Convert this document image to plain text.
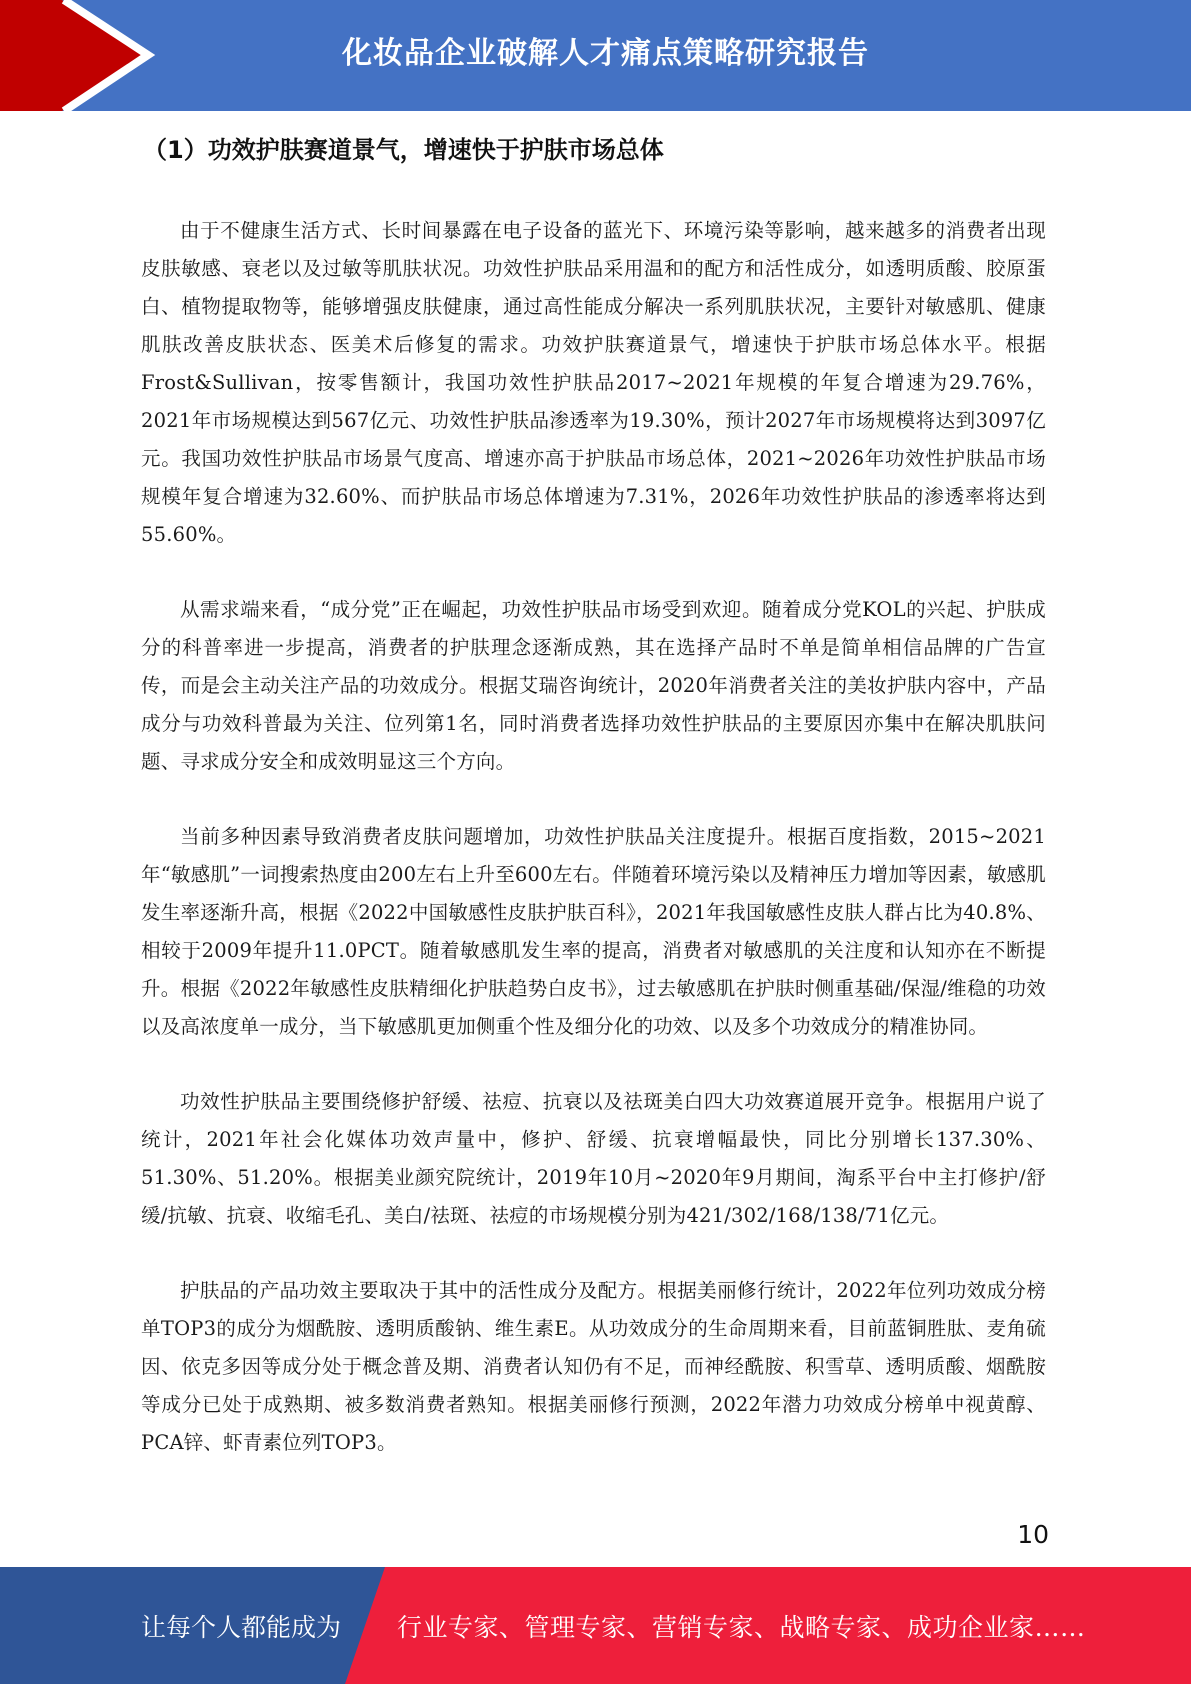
化妆品企业破解人才痛点策略研究报告
（1）功效护肤赛道景气，增速快于护肤市场总体

由于不健康生活方式、长时间暴露在电子设备的蓝光下、环境污染等影响，越来越多的消费者出现皮肤敏感、衰老以及过敏等肌肤状况。功效性护肤品采用温和的配方和活性成分，如透明质酸、胶原蛋白、植物提取物等，能够增强皮肤健康，通过高性能成分解决一系列肌肤状况，主要针对敏感肌、健康肌肤改善皮肤状态、医美术后修复的需求。功效护肤赛道景气，增速快于护肤市场总体水平。根据Frost&Sullivan，按零售额计，我国功效性护肤品2017~2021年规模的年复合增速为29.76%，2021年市场规模达到567亿元、功效性护肤品渗透率为19.30%，预计2027年市场规模将达到3097亿元。我国功效性护肤品市场景气度高、增速亦高于护肤品市场总体，2021~2026年功效性护肤品市场规模年复合增速为32.60%、而护肤品市场总体增速为7.31%，2026年功效性护肤品的渗透率将达到55.60%。

从需求端来看，“成分党”正在崛起，功效性护肤品市场受到欢迎。随着成分党KOL的兴起、护肤成分的科普率进一步提高，消费者的护肤理念逐渐成熟，其在选择产品时不单是简单相信品牌的广告宣传，而是会主动关注产品的功效成分。根据艾瑞咨询统计，2020年消费者关注的美妆护肤内容中，产品成分与功效科普最为关注、位列第1名，同时消费者选择功效性护肤品的主要原因亦集中在解决肌肤问题、寻求成分安全和成效明显这三个方向。

当前多种因素导致消费者皮肤问题增加，功效性护肤品关注度提升。根据百度指数，2015~2021年“敏感肌”一词搜索热度由200左右上升至600左右。伴随着环境污染以及精神压力增加等因素，敏感肌发生率逐渐升高，根据《2022中国敏感性皮肤护肤百科》，2021年我国敏感性皮肤人群占比为40.8%、相较于2009年提升11.0PCT。随着敏感肌发生率的提高，消费者对敏感肌的关注度和认知亦在不断提升。根据《2022年敏感性皮肤精细化护肤趋势白皮书》，过去敏感肌在护肤时侧重基础/保湿/维稳的功效以及高浓度单一成分，当下敏感肌更加侧重个性及细分化的功效、以及多个功效成分的精准协同。

功效性护肤品主要围绕修护舒缓、祛痘、抗衰以及祛斑美白四大功效赛道展开竞争。根据用户说了统计，2021年社会化媒体功效声量中，修护、舒缓、抗衰增幅最快，同比分别增长137.30%、51.30%、51.20%。根据美业颜究院统计，2019年10月~2020年9月期间，淘系平台中主打修护/舒缓/抗敏、抗衰、收缩毛孔、美白/祛斑、祛痘的市场规模分别为421/302/168/138/71亿元。

护肤品的产品功效主要取决于其中的活性成分及配方。根据美丽修行统计，2022年位列功效成分榜单TOP3的成分为烟酰胺、透明质酸钠、维生素E。从功效成分的生命周期来看，目前蓝铜胜肽、麦角硫因、依克多因等成分处于概念普及期、消费者认知仍有不足，而神经酰胺、积雪草、透明质酸、烟酰胺等成分已处于成熟期、被多数消费者熟知。根据美丽修行预测，2022年潜力功效成分榜单中视黄醇、PCA锌、虾青素位列TOP3。

10
让每个人都能成为 行业专家、管理专家、营销专家、战略专家、成功企业家……
